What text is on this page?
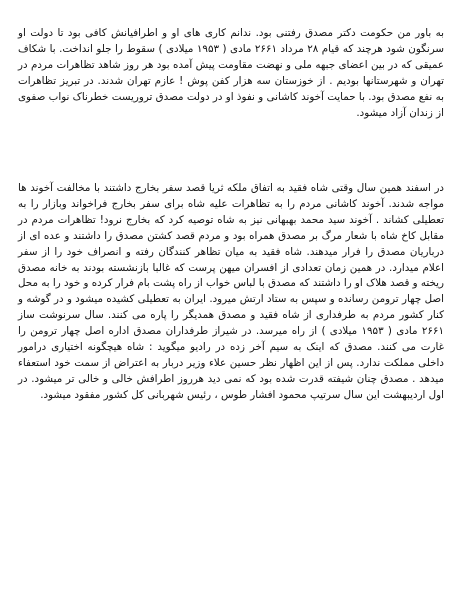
به باور من حکومت دکتر مصدق رفتنی بود. ندانم کاری های او و اطرافیانش کافی بود تا دولت او سرنگون شود هرچند که قیام ۲۸ مرداد ۲۶۶۱ مادی ( ۱۹۵۳ میلادی ) سقوط را جلو انداخت. با شکاف عمیقی که در بین اعضای جبهه ملی و نهضت مقاومت پیش آمده بود هر روز شاهد تظاهرات مردم در تهران و شهرستانها بودیم . از خوزستان سه هزار کفن پوش ! عازم تهران شدند. در تبریز تظاهرات به نفع مصدق بود. با حمایت آخوند کاشانی و نفوذ او در دولت مصدق تروریست خطرناک نواب صفوی از زندان آزاد میشود.

در اسفند همین سال وقتی شاه فقید به اتفاق ملکه ثریا قصد سفر بخارج داشتند با مخالفت آخوند ها مواجه شدند. آخوند کاشانی مردم را به تظاهرات علیه شاه برای سفر بخارج فراخواند وبازار را به تعطیلی کشاند . آخوند سید محمد بهبهانی نیز به شاه توصیه کرد که بخارج نرود! تظاهرات مردم در مقابل کاخ شاه با شعار مرگ بر مصدق همراه بود و مردم قصد کشتن مصدق را داشتند و عده ای از درباریان مصدق را فرار میدهند. شاه فقید به میان تظاهر کنندگان رفته و انصراف خود را از سفر اعلام میدارد. در همین زمان تعدادی از افسران میهن پرست که غالبا بازنشسته بودند به خانه مصدق ریخته و قصد هلاک او را داشتند که مصدق با لباس خواب از راه پشت بام فرار کرده و خود را به محل اصل چهار ترومن رسانده و سپس به ستاد ارتش میرود. ایران به تعطیلی کشیده میشود و در گوشه و کنار کشور مردم به طرفداری از شاه فقید و مصدق همدیگر را پاره می کنند. سال سرنوشت ساز ۲۶۶۱ مادی ( ۱۹۵۳ میلادی ) از راه میرسد. در شیراز طرفداران مصدق اداره اصل چهار ترومن را غارت می کنند. مصدق که اینک به سیم آخر زده در رادیو میگوید : شاه هیچگونه اختیاری درامور داخلی مملکت ندارد. پس از این اظهار نظر حسین علاء وزیر دربار به اعتراض از سمت خود استعفاء میدهد . مصدق چنان شیفته قدرت شده بود که نمی دید هرروز اطرافش خالی و خالی تر میشود. در اول اردیبهشت این سال سرتیپ محمود افشار طوس ، رئیس شهربانی کل کشور مفقود میشود.
